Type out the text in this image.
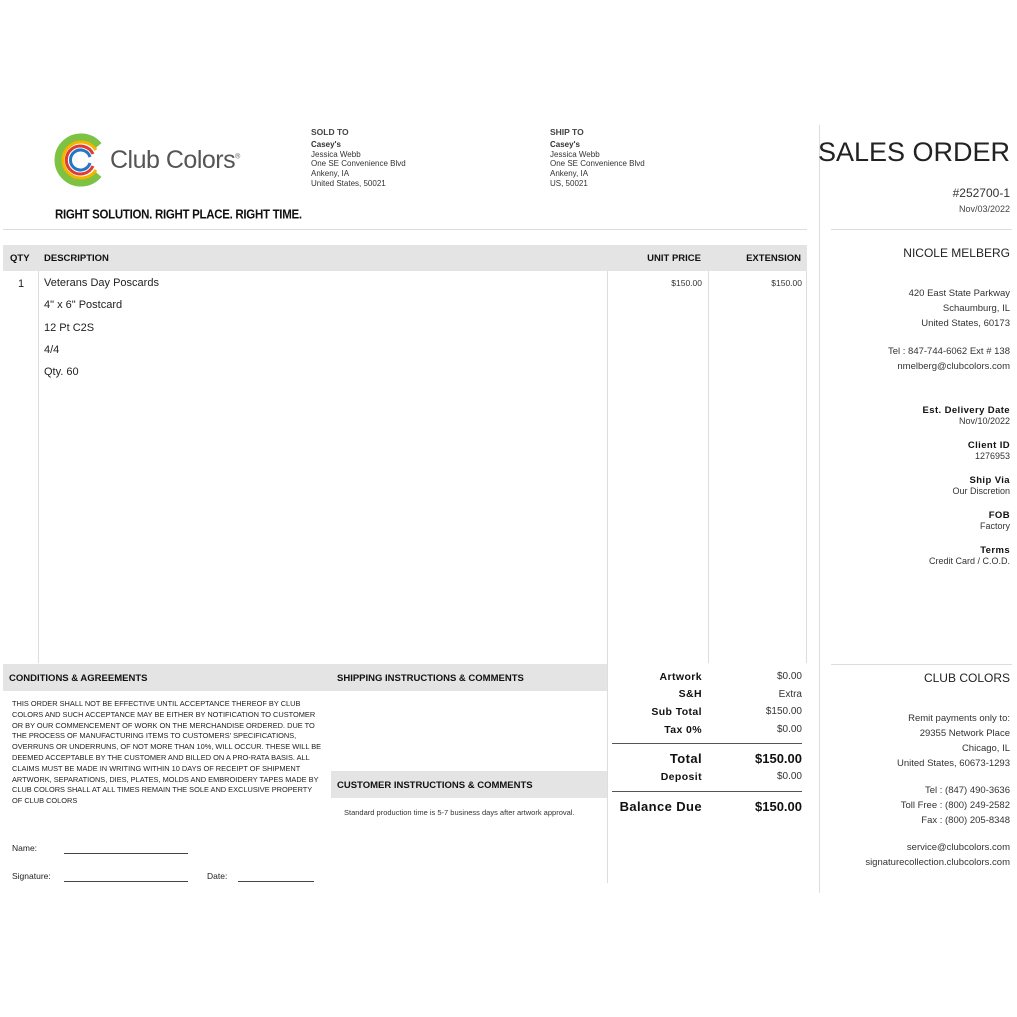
Club Colors®
RIGHT SOLUTION. RIGHT PLACE. RIGHT TIME.
SOLD TO
Casey's
Jessica Webb
One SE Convenience Blvd
Ankeny, IA
United States, 50021
SHIP TO
Casey's
Jessica Webb
One SE Convenience Blvd
Ankeny, IA
US, 50021
QTY DESCRIPTION	UNIT PRICE	EXTENSION
1 Veterans Day Poscards
4" x 6" Postcard
12 Pt C2S
4/4
Qty. 60
$150.00	$150.00
CONDITIONS & AGREEMENTS
THIS ORDER SHALL NOT BE EFFECTIVE UNTIL ACCEPTANCE THEREOF BY CLUB COLORS AND SUCH ACCEPTANCE MAY BE EITHER BY NOTIFICATION TO CUSTOMER OR BY OUR COMMENCEMENT OF WORK ON THE MERCHANDISE ORDERED. DUE TO THE PROCESS OF MANUFACTURING ITEMS TO CUSTOMERS' SPECIFICATIONS, OVERRUNS OR UNDERRUNS, OF NOT MORE THAN 10%, WILL OCCUR. THESE WILL BE DEEMED ACCEPTABLE BY THE CUSTOMER AND BILLED ON A PRO-RATA BASIS. ALL CLAIMS MUST BE MADE IN WRITING WITHIN 10 DAYS OF RECEIPT OF SHIPMENT ARTWORK, SEPARATIONS, DIES, PLATES, MOLDS AND EMBROIDERY TAPES MADE BY CLUB COLORS SHALL AT ALL TIMES REMAIN THE SOLE AND EXCLUSIVE PROPERTY OF CLUB COLORS
SHIPPING INSTRUCTIONS & COMMENTS
CUSTOMER INSTRUCTIONS & COMMENTS
Standard production time is 5-7 business days after artwork approval.
Name:
Signature:	Date:
Artwork	$0.00
S&H	Extra
Sub Total	$150.00
Tax 0%	$0.00
Total	$150.00
Deposit	$0.00
Balance Due	$150.00
SALES ORDER
#252700-1
Nov/03/2022
NICOLE MELBERG
420 East State Parkway
Schaumburg, IL
United States, 60173
Tel : 847-744-6062 Ext # 138
nmelberg@clubcolors.com
Est. Delivery Date
Nov/10/2022
Client ID
1276953
Ship Via
Our Discretion
FOB
Factory
Terms
Credit Card / C.O.D.
CLUB COLORS
Remit payments only to:
29355 Network Place
Chicago, IL
United States, 60673-1293
Tel : (847) 490-3636
Toll Free : (800) 249-2582
Fax : (800) 205-8348
service@clubcolors.com
signaturecollection.clubcolors.com
